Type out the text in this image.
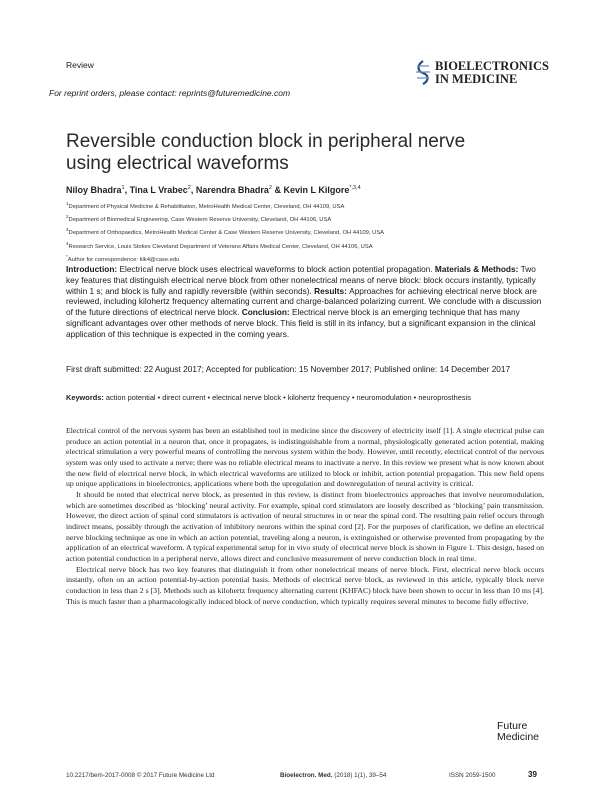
Review
For reprint orders, please contact: reprints@futuremedicine.com
BIOELECTRONICS
IN MEDICINE
Reversible conduction block in peripheral nerve using electrical waveforms
Niloy Bhadra$^1$, Tina L Vrabec$^2$, Narendra Bhadra$^2$ & Kevin L Kilgore$^{*,3,4}$
$^1$Department of Physical Medicine & Rehabilitation, MetroHealth Medical Center, Cleveland, OH 44109, USA
$^2$Department of Biomedical Engineering, Case Western Reserve University, Cleveland, OH 44106, USA
$^3$Department of Orthopaedics, MetroHealth Medical Center & Case Western Reserve University, Cleveland, OH 44109, USA
$^4$Research Service, Louis Stokes Cleveland Department of Veterans Affairs Medical Center, Cleveland, OH 44106, USA
*Author for correspondence: klk4@case.edu
Introduction: Electrical nerve block uses electrical waveforms to block action potential propagation. Materials & Methods: Two key features that distinguish electrical nerve block from other nonelectrical means of nerve block: block occurs instantly, typically within 1 s; and block is fully and rapidly reversible (within seconds). Results: Approaches for achieving electrical nerve block are reviewed, including kilohertz frequency alternating current and charge-balanced polarizing current. We conclude with a discussion of the future directions of electrical nerve block. Conclusion: Electrical nerve block is an emerging technique that has many significant advantages over other methods of nerve block. This field is still in its infancy, but a significant expansion in the clinical application of this technique is expected in the coming years.
First draft submitted: 22 August 2017; Accepted for publication: 15 November 2017; Published online: 14 December 2017
Keywords: action potential • direct current • electrical nerve block • kilohertz frequency • neuromodulation • neuroprosthesis

Electrical control of the nervous system has been an established tool in medicine since the discovery of electricity itself [1]. A single electrical pulse can produce an action potential in a neuron that, once it propagates, is indistinguishable from a normal, physiologically generated action potential, making electrical stimulation a very powerful means of controlling the nervous system within the body. However, until recently, electrical control of the nervous system was only used to activate a nerve; there was no reliable electrical means to inactivate a nerve. In this review we present what is now known about the new field of electrical nerve block, in which electrical waveforms are utilized to block or inhibit, action potential propagation. This new field opens up unique applications in bioelectronics, applications where both the upregulation and downregulation of neural activity is critical.

It should be noted that electrical nerve block, as presented in this review, is distinct from bioelectronics approaches that involve neuromodulation, which are sometimes described as ‘blocking’ neural activity. For example, spinal cord stimulators are loosely described as ‘blocking’ pain transmission. However, the direct action of spinal cord stimulators is activation of neural structures in or near the spinal cord. The resulting pain relief occurs through indirect means, possibly through the activation of inhibitory neurons within the spinal cord [2]. For the purposes of clarification, we define an electrical nerve blocking technique as one in which an action potential, traveling along a neuron, is extinguished or otherwise prevented from propagating by the application of an electrical waveform. A typical experimental setup for in vivo study of electrical nerve block is shown in Figure 1. This design, based on action potential conduction in a peripheral nerve, allows direct and conclusive measurement of nerve conduction block in real time.

Electrical nerve block has two key features that distinguish it from other nonelectrical means of nerve block. First, electrical nerve block occurs instantly, often on an action potential-by-action potential basis. Methods of electrical nerve block, as reviewed in this article, typically block nerve conduction in less than 2 s [3]. Methods such as kilohertz frequency alternating current (KHFAC) block have been shown to occur in less than 10 ms [4]. This is much faster than a pharmacologically induced block of nerve conduction, which typically requires several minutes to become fully effective.

Future
Medicine
10.2217/bem-2017-0008 © 2017 Future Medicine Ltd	Bioelectron. Med. (2018) 1(1), 39–54	ISSN 2059-1500	39
